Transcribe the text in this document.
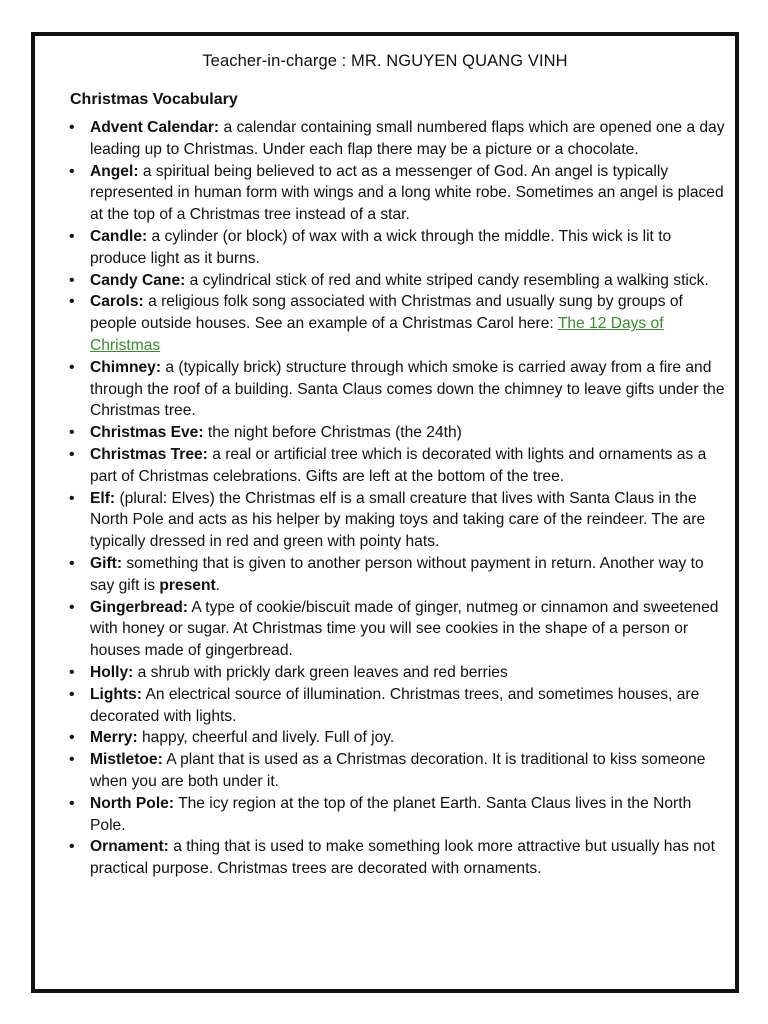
Teacher-in-charge : MR. NGUYEN QUANG VINH
Christmas Vocabulary
• Advent Calendar: a calendar containing small numbered flaps which are opened one a day leading up to Christmas. Under each flap there may be a picture or a chocolate.
• Angel: a spiritual being believed to act as a messenger of God. An angel is typically represented in human form with wings and a long white robe. Sometimes an angel is placed at the top of a Christmas tree instead of a star.
• Candle: a cylinder (or block) of wax with a wick through the middle. This wick is lit to produce light as it burns.
• Candy Cane: a cylindrical stick of red and white striped candy resembling a walking stick.
• Carols: a religious folk song associated with Christmas and usually sung by groups of people outside houses. See an example of a Christmas Carol here: The 12 Days of Christmas
• Chimney: a (typically brick) structure through which smoke is carried away from a fire and through the roof of a building. Santa Claus comes down the chimney to leave gifts under the Christmas tree.
• Christmas Eve: the night before Christmas (the 24th)
• Christmas Tree: a real or artificial tree which is decorated with lights and ornaments as a part of Christmas celebrations. Gifts are left at the bottom of the tree.
• Elf: (plural: Elves) the Christmas elf is a small creature that lives with Santa Claus in the North Pole and acts as his helper by making toys and taking care of the reindeer. The are typically dressed in red and green with pointy hats.
• Gift: something that is given to another person without payment in return. Another way to say gift is present.
• Gingerbread: A type of cookie/biscuit made of ginger, nutmeg or cinnamon and sweetened with honey or sugar. At Christmas time you will see cookies in the shape of a person or houses made of gingerbread.
• Holly: a shrub with prickly dark green leaves and red berries
• Lights: An electrical source of illumination. Christmas trees, and sometimes houses, are decorated with lights.
• Merry: happy, cheerful and lively. Full of joy.
• Mistletoe: A plant that is used as a Christmas decoration. It is traditional to kiss someone when you are both under it.
• North Pole: The icy region at the top of the planet Earth. Santa Claus lives in the North Pole.
• Ornament: a thing that is used to make something look more attractive but usually has not practical purpose. Christmas trees are decorated with ornaments.
